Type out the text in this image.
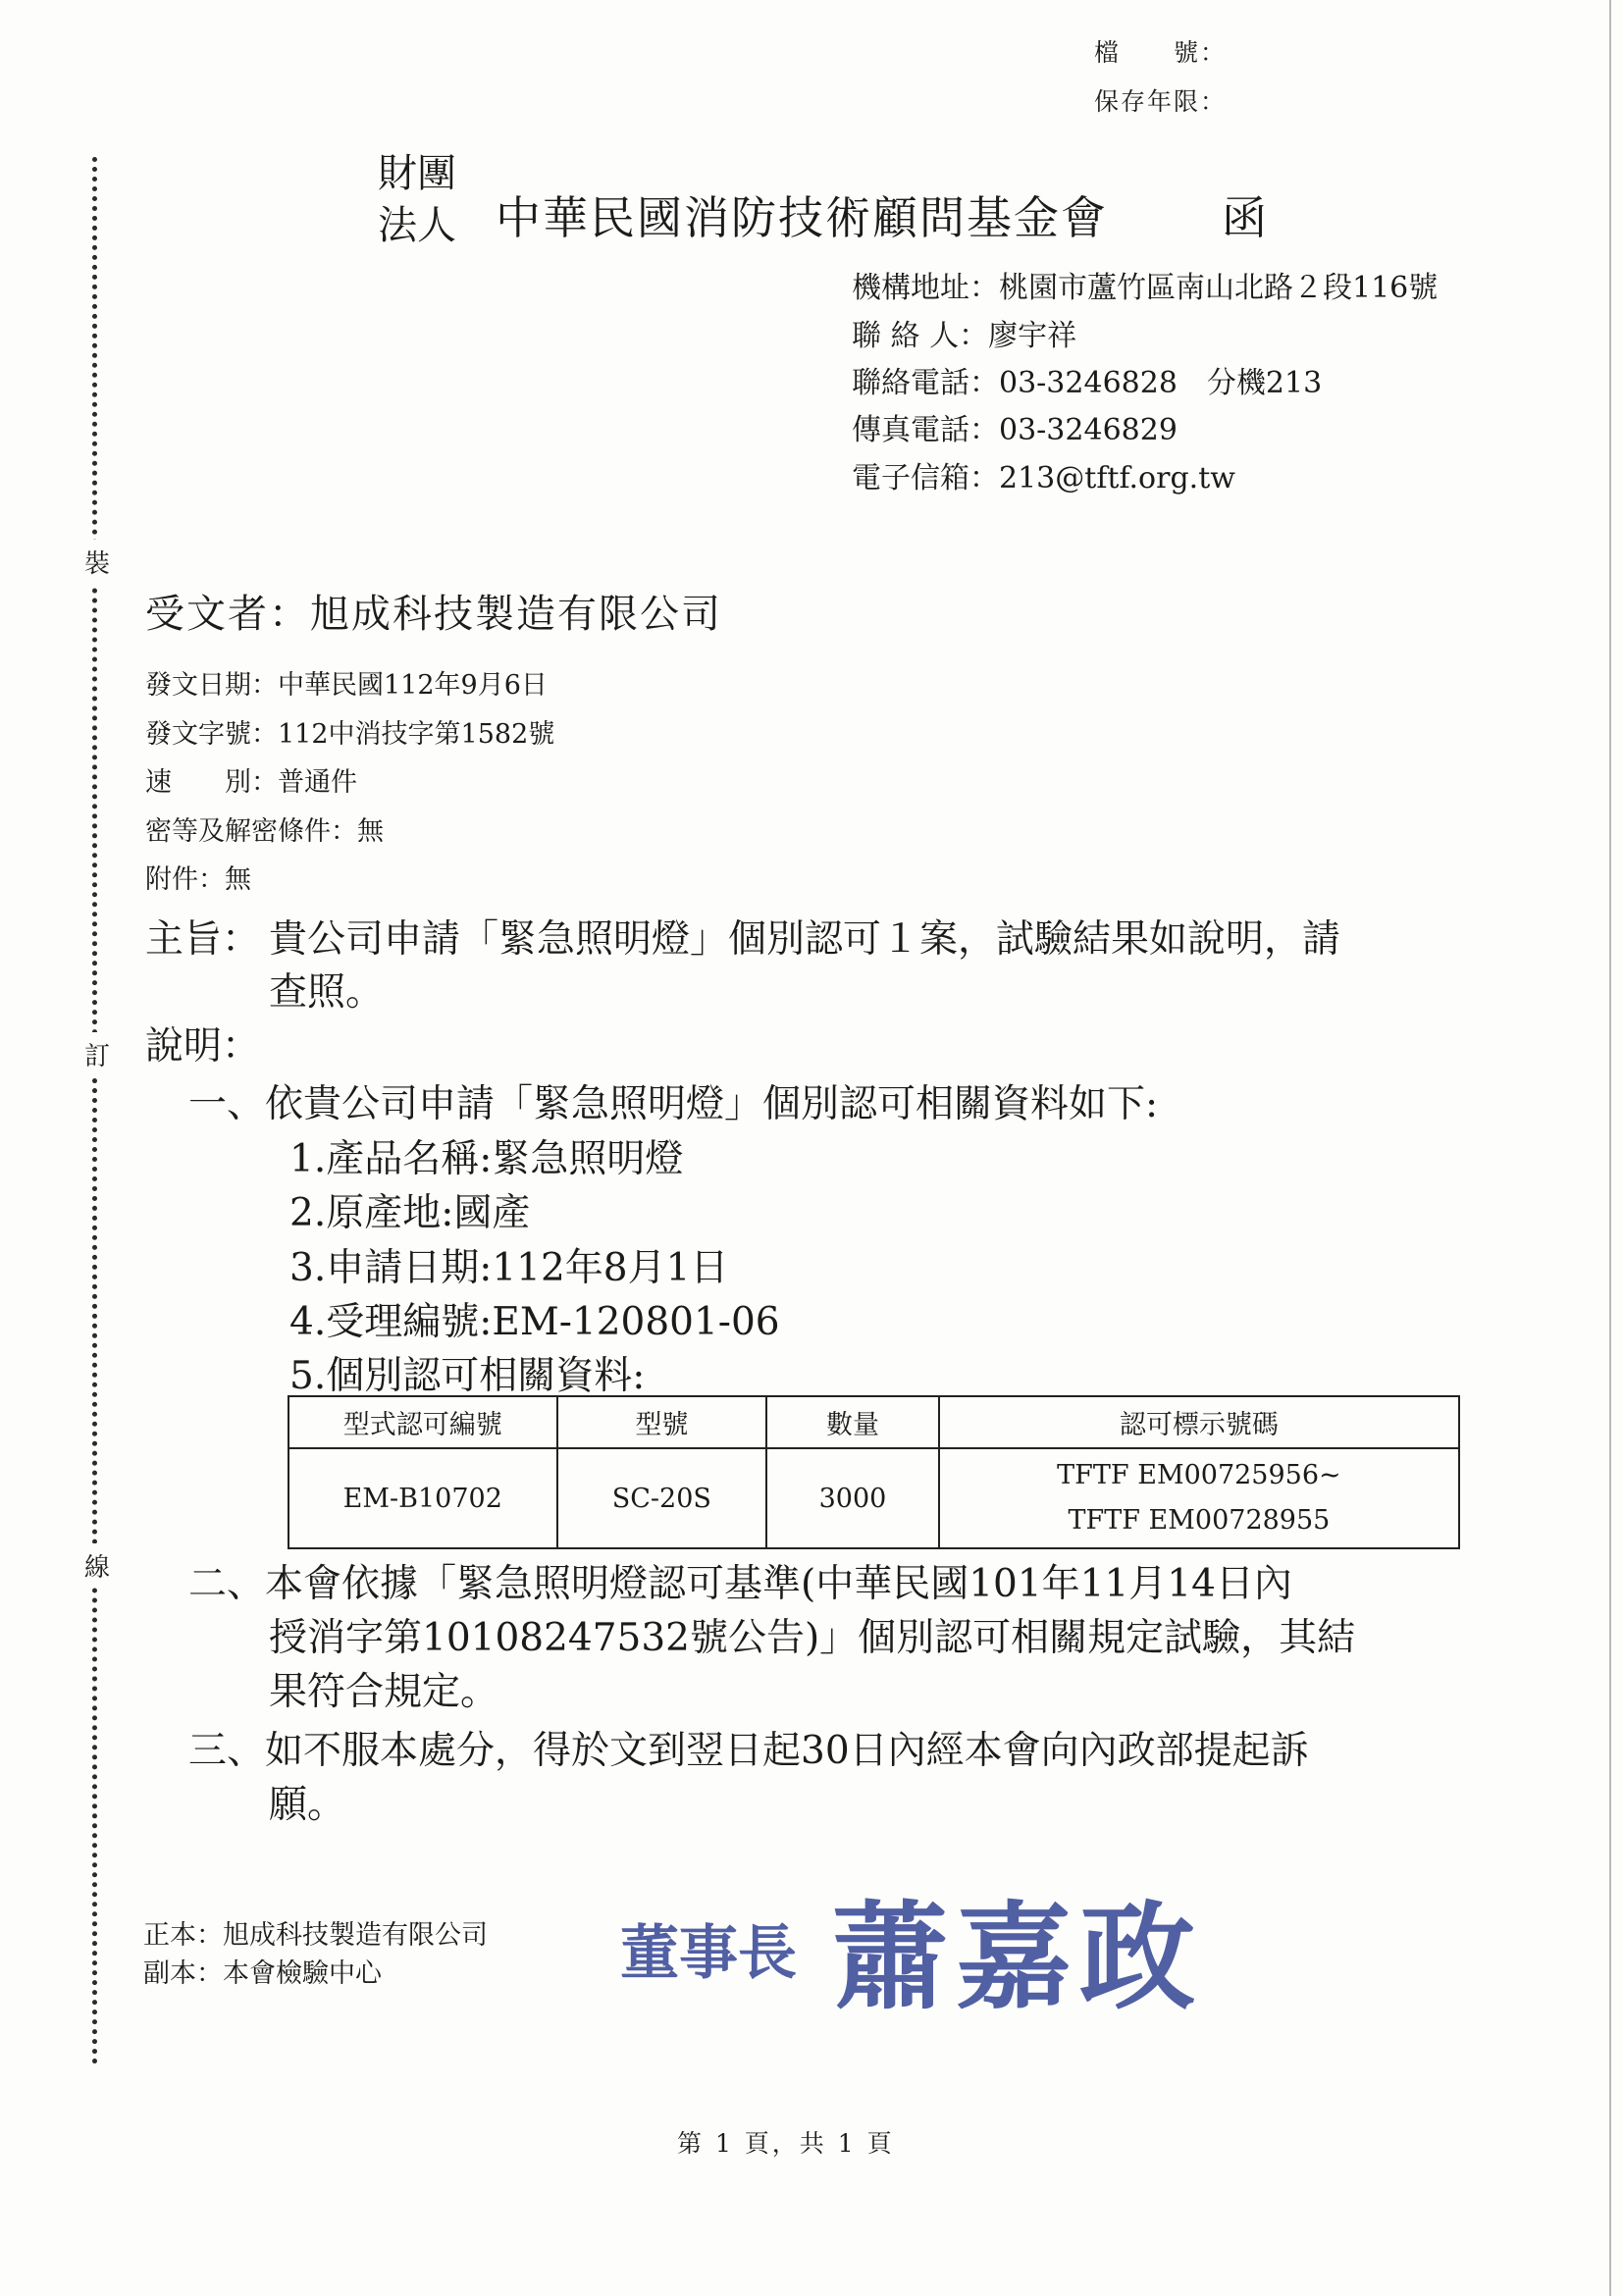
檔　　號：
保存年限：
裝
訂
線
財團
法人 中華民國消防技術顧問基金會	函
機構地址：桃園市蘆竹區南山北路２段116號
聯 絡 人：廖宇祥
聯絡電話：03-3246828　分機213
傳真電話：03-3246829
電子信箱：213@tftf.org.tw
受文者：旭成科技製造有限公司
發文日期：中華民國112年9月6日
發文字號：112中消技字第1582號
速　　別：普通件
密等及解密條件：無
附件：無
主旨： 貴公司申請「緊急照明燈」個別認可１案，試驗結果如說明，請
查照。
說明：
一、依貴公司申請「緊急照明燈」個別認可相關資料如下:
1.產品名稱:緊急照明燈
2.原產地:國產
3.申請日期:112年8月1日
4.受理編號:EM-120801-06
5.個別認可相關資料:
型式認可編號	型號	數量	認可標示號碼
EM-B10702	SC-20S	3000	TFTF EM00725956~
TFTF EM00728955
二、本會依據「緊急照明燈認可基準(中華民國101年11月14日內
授消字第10108247532號公告)」個別認可相關規定試驗，其結
果符合規定。
三、如不服本處分，得於文到翌日起30日內經本會向內政部提起訴
願。
正本：旭成科技製造有限公司
副本：本會檢驗中心	董事長 蕭嘉政
第 1 頁，共 1 頁
